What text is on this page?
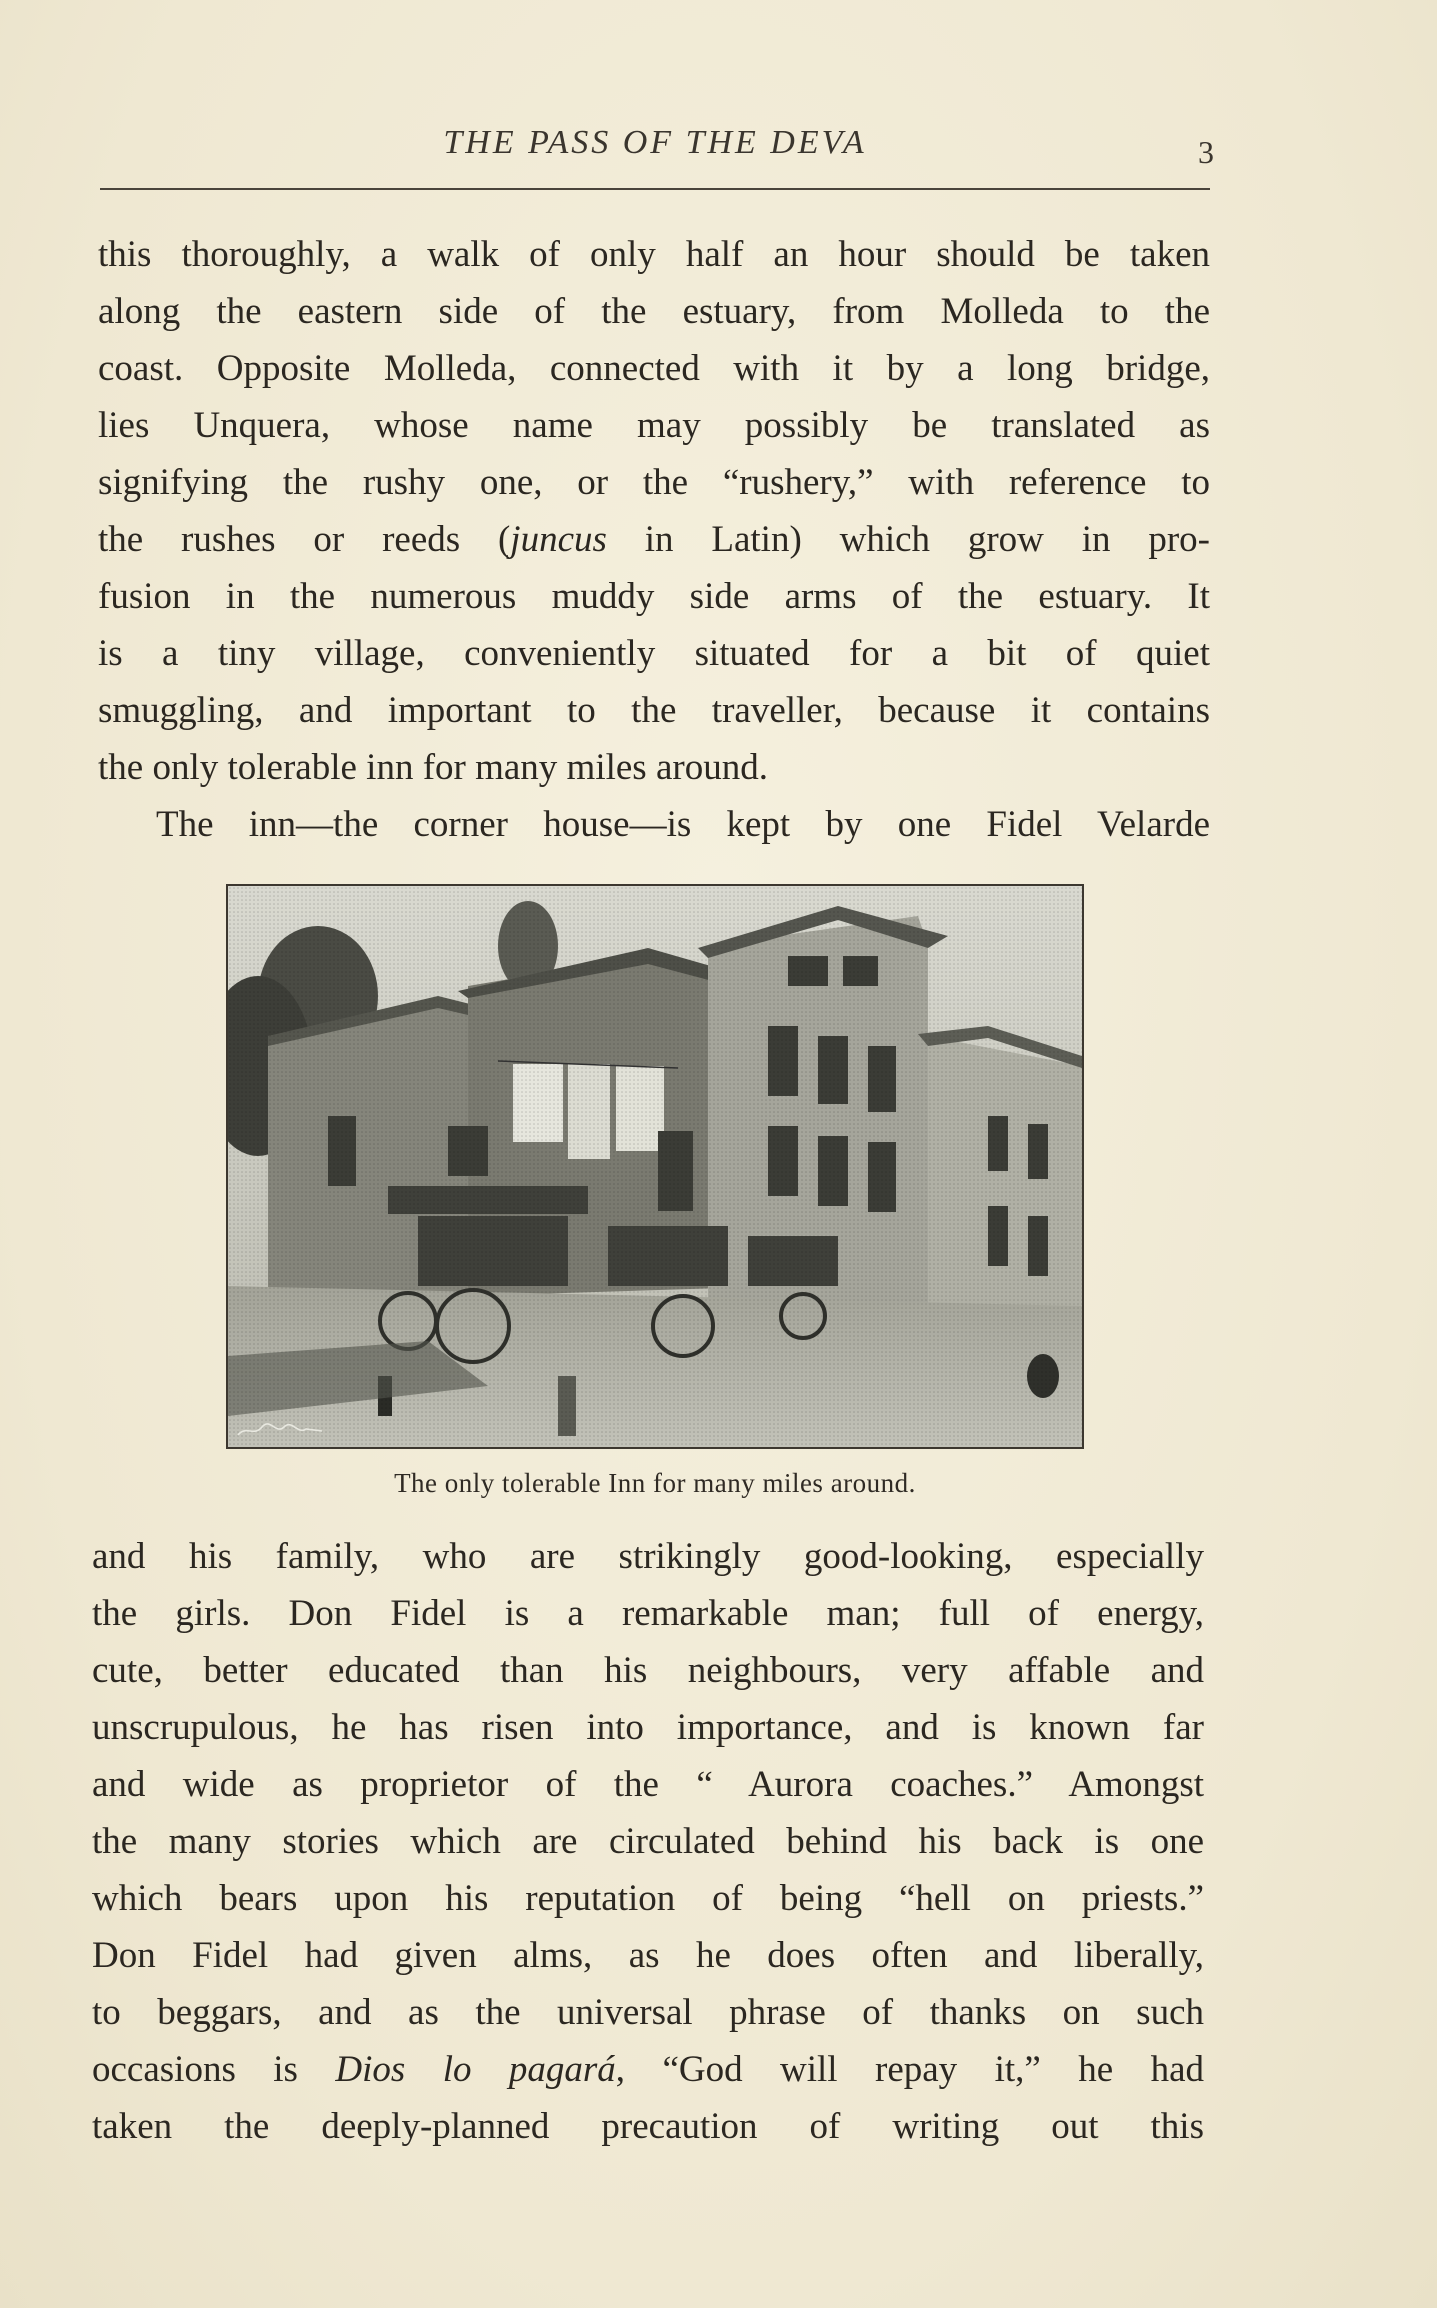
THE PASS OF THE DEVA	3
this thoroughly, a walk of only half an hour should be taken
along the eastern side of the estuary, from Molleda to the
coast. Opposite Molleda, connected with it by a long bridge,
lies Unquera, whose name may possibly be translated as
signifying the rushy one, or the “rushery,” with reference to
the rushes or reeds (juncus in Latin) which grow in pro-
fusion in the numerous muddy side arms of the estuary. It
is a tiny village, conveniently situated for a bit of quiet
smuggling, and important to the traveller, because it contains
the only tolerable inn for many miles around.
The inn—the corner house—is kept by one Fidel Velarde
The only tolerable Inn for many miles around.
and his family, who are strikingly good-looking, especially
the girls. Don Fidel is a remarkable man; full of energy,
cute, better educated than his neighbours, very affable and
unscrupulous, he has risen into importance, and is known far
and wide as proprietor of the “ Aurora coaches.” Amongst
the many stories which are circulated behind his back is one
which bears upon his reputation of being “hell on priests.”
Don Fidel had given alms, as he does often and liberally,
to beggars, and as the universal phrase of thanks on such
occasions is Dios lo pagará, “God will repay it,” he had
taken the deeply-planned precaution of writing out this
